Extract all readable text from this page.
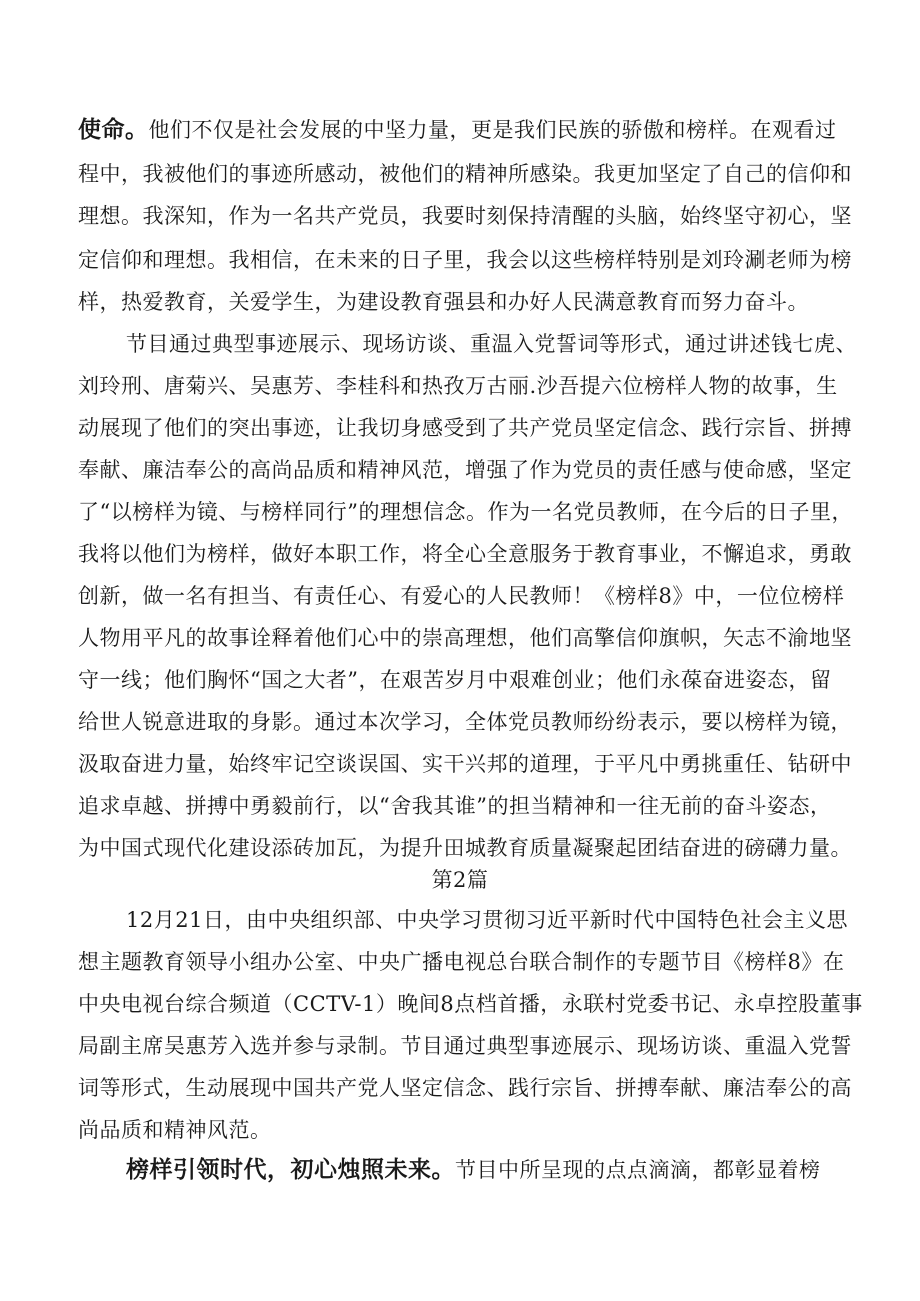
使命。他们不仅是社会发展的中坚力量，更是我们民族的骄傲和榜样。在观看过
程中，我被他们的事迹所感动，被他们的精神所感染。我更加坚定了自己的信仰和
理想。我深知，作为一名共产党员，我要时刻保持清醒的头脑，始终坚守初心，坚
定信仰和理想。我相信，在未来的日子里，我会以这些榜样特别是刘玲涮老师为榜
样，热爱教育，关爱学生，为建设教育强县和办好人民满意教育而努力奋斗。
节目通过典型事迹展示、现场访谈、重温入党誓词等形式，通过讲述钱七虎、
刘玲刑、唐菊兴、吴惠芳、李桂科和热孜万古丽.沙吾提六位榜样人物的故事，生
动展现了他们的突出事迹，让我切身感受到了共产党员坚定信念、践行宗旨、拼搏
奉献、廉洁奉公的高尚品质和精神风范，增强了作为党员的责任感与使命感，坚定
了“以榜样为镜、与榜样同行”的理想信念。作为一名党员教师，在今后的日子里，
我将以他们为榜样，做好本职工作，将全心全意服务于教育事业，不懈追求，勇敢
创新，做一名有担当、有责任心、有爱心的人民教师！《榜样8》中，一位位榜样
人物用平凡的故事诠释着他们心中的崇高理想，他们高擎信仰旗帜，矢志不渝地坚
守一线；他们胸怀“国之大者”，在艰苦岁月中艰难创业；他们永葆奋进姿态，留
给世人锐意进取的身影。通过本次学习，全体党员教师纷纷表示，要以榜样为镜，
汲取奋进力量，始终牢记空谈误国、实干兴邦的道理，于平凡中勇挑重任、钻研中
追求卓越、拼搏中勇毅前行，以“舍我其谁”的担当精神和一往无前的奋斗姿态，
为中国式现代化建设添砖加瓦，为提升田城教育质量凝聚起团结奋进的磅礴力量。
第2篇
12月21日，由中央组织部、中央学习贯彻习近平新时代中国特色社会主义思
想主题教育领导小组办公室、中央广播电视总台联合制作的专题节目《榜样8》在
中央电视台综合频道（CCTV-1）晚间8点档首播，永联村党委书记、永卓控股董事
局副主席吴惠芳入选并参与录制。节目通过典型事迹展示、现场访谈、重温入党誓
词等形式，生动展现中国共产党人坚定信念、践行宗旨、拼搏奉献、廉洁奉公的高
尚品质和精神风范。
榜样引领时代，初心烛照未来。节目中所呈现的点点滴滴，都彰显着榜
